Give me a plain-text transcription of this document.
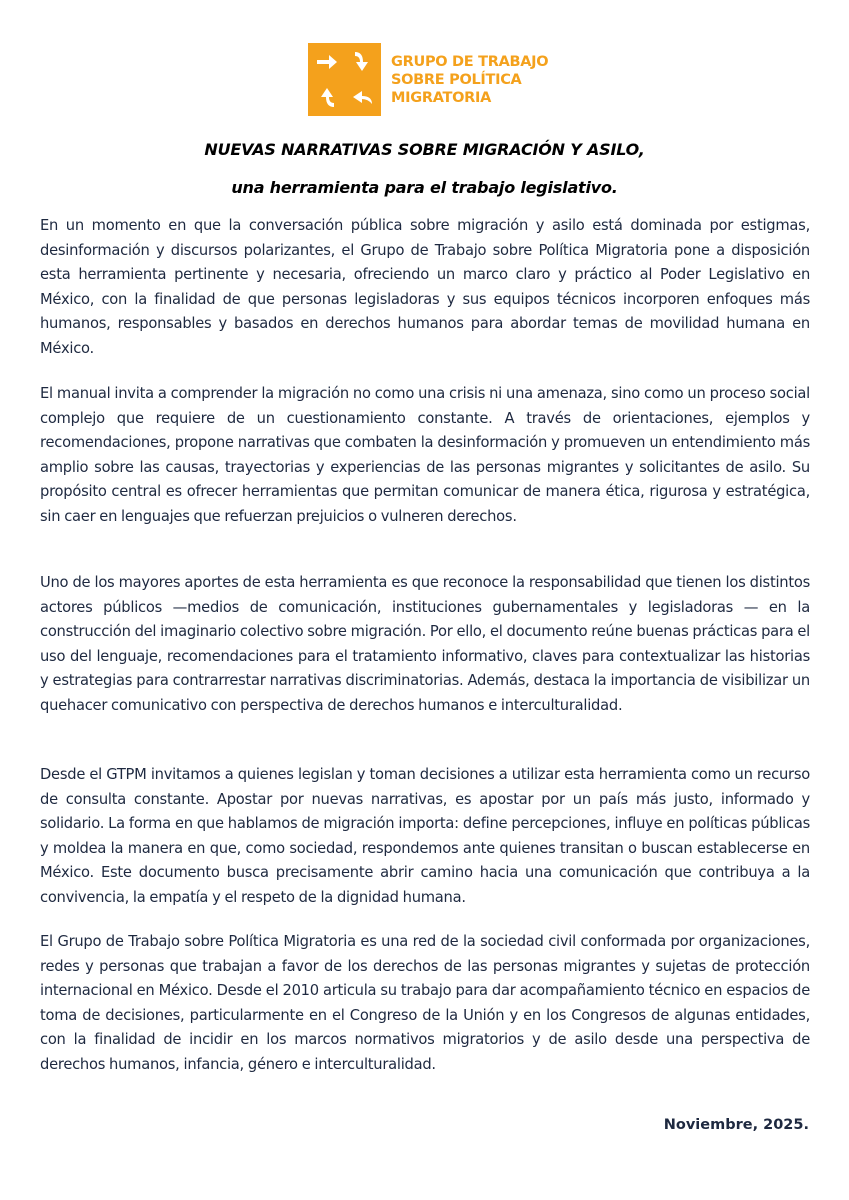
GRUPO DE TRABAJO
SOBRE POLÍTICA
MIGRATORIA
NUEVAS NARRATIVAS SOBRE MIGRACIÓN Y ASILO,
una herramienta para el trabajo legislativo.

En un momento en que la conversación pública sobre migración y asilo está dominada por estigmas, desinformación y discursos polarizantes, el Grupo de Trabajo sobre Política Migratoria pone a disposición esta herramienta pertinente y necesaria, ofreciendo un marco claro y práctico al Poder Legislativo en México, con la finalidad de que personas legisladoras y sus equipos técnicos incorporen enfoques más humanos, responsables y basados en derechos humanos para abordar temas de movilidad humana en México.

El manual invita a comprender la migración no como una crisis ni una amenaza, sino como un proceso social complejo que requiere de un cuestionamiento constante. A través de orientaciones, ejemplos y recomendaciones, propone narrativas que combaten la desinformación y promueven un entendimiento más amplio sobre las causas, trayectorias y experiencias de las personas migrantes y solicitantes de asilo. Su propósito central es ofrecer herramientas que permitan comunicar de manera ética, rigurosa y estratégica, sin caer en lenguajes que refuerzan prejuicios o vulneren derechos.

Uno de los mayores aportes de esta herramienta es que reconoce la responsabilidad que tienen los distintos actores públicos —medios de comunicación, instituciones gubernamentales y legisladoras — en la construcción del imaginario colectivo sobre migración. Por ello, el documento reúne buenas prácticas para el uso del lenguaje, recomendaciones para el tratamiento informativo, claves para contextualizar las historias y estrategias para contrarrestar narrativas discriminatorias. Además, destaca la importancia de visibilizar un quehacer comunicativo con perspectiva de derechos humanos e interculturalidad.

Desde el GTPM invitamos a quienes legislan y toman decisiones a utilizar esta herramienta como un recurso de consulta constante. Apostar por nuevas narrativas, es apostar por un país más justo, informado y solidario. La forma en que hablamos de migración importa: define percepciones, influye en políticas públicas y moldea la manera en que, como sociedad, respondemos ante quienes transitan o buscan establecerse en México. Este documento busca precisamente abrir camino hacia una comunicación que contribuya a la convivencia, la empatía y el respeto de la dignidad humana.

El Grupo de Trabajo sobre Política Migratoria es una red de la sociedad civil conformada por organizaciones, redes y personas que trabajan a favor de los derechos de las personas migrantes y sujetas de protección internacional en México. Desde el 2010 articula su trabajo para dar acompañamiento técnico en espacios de toma de decisiones, particularmente en el Congreso de la Unión y en los Congresos de algunas entidades, con la finalidad de incidir en los marcos normativos migratorios y de asilo desde una perspectiva de derechos humanos, infancia, género e interculturalidad.

Noviembre, 2025.
